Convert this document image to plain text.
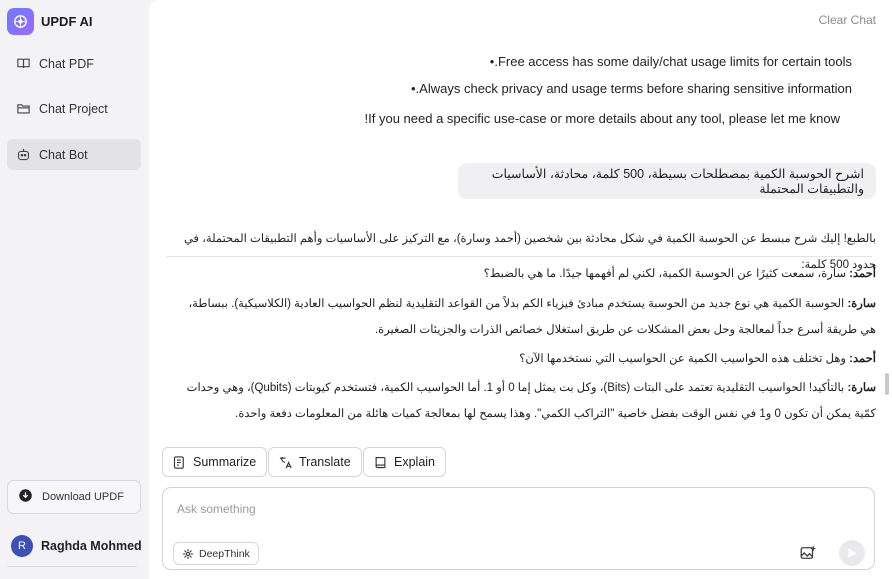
UPDF AI
Chat PDF
Chat Project
Chat Bot
Download UPDF
R	Raghda Mohmed
Clear Chat
Free access has some daily/chat usage limits for certain tools. •
Always check privacy and usage terms before sharing sensitive information. •
If you need a specific use-case or more details about any tool, please let me know!
اشرح الحوسبة الكمية بمصطلحات بسيطة، 500 كلمة، محادثة، الأساسيات والتطبيقات المحتملة
بالطبع! إليك شرح مبسط عن الحوسبة الكمية في شكل محادثة بين شخصين (أحمد وسارة)، مع التركيز على الأساسيات وأهم التطبيقات المحتملة، في حدود 500 كلمة:
أحمد: سارة، سمعت كثيرًا عن الحوسبة الكمية، لكني لم أفهمها جيدًا. ما هي بالضبط؟
سارة: الحوسبة الكمية هي نوع جديد من الحوسبة يستخدم مبادئ فيزياء الكم بدلاً من القواعد التقليدية لنظم الحواسيب العادية (الكلاسيكية). ببساطة، هي طريقة أسرع جداً لمعالجة وحل بعض المشكلات عن طريق استغلال خصائص الذرات والجزيئات الصغيرة.
أحمد: وهل تختلف هذه الحواسيب الكمية عن الحواسيب التي نستخدمها الآن؟
سارة: بالتأكيد! الحواسيب التقليدية تعتمد على البتات (Bits)، وكل بت يمثل إما 0 أو 1. أما الحواسيب الكمية، فتستخدم كيوبتات (Qubits)، وهي وحدات كمّية يمكن أن تكون 0 و1 في نفس الوقت بفضل خاصية "التراكب الكمي". وهذا يسمح لها بمعالجة كميات هائلة من المعلومات دفعة واحدة.
Summarize	Translate	Explain
Ask something
DeepThink
